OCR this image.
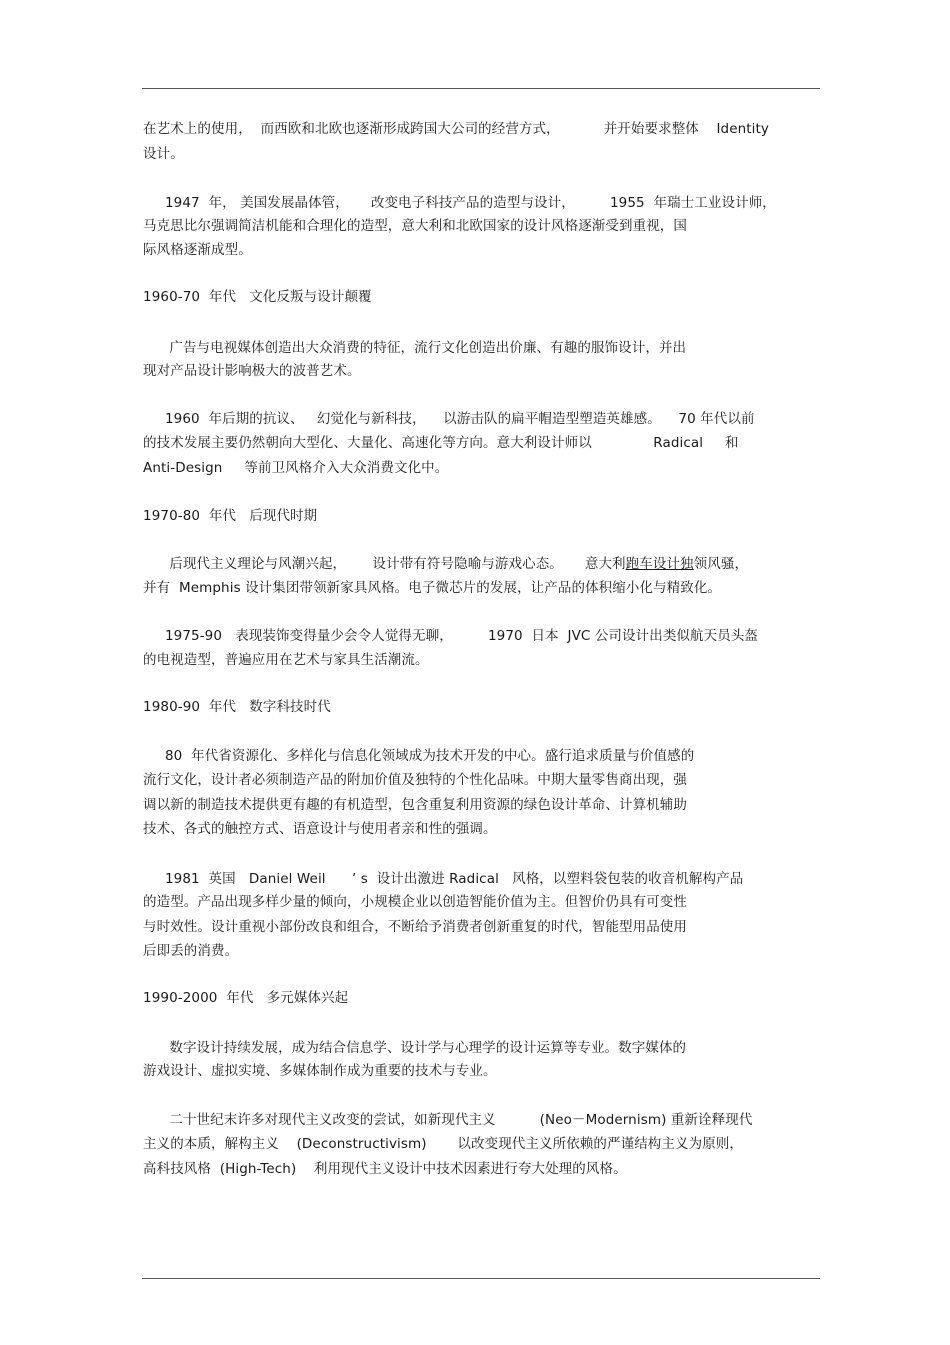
在艺术上的使用，  而西欧和北欧也逐渐形成跨国大公司的经营方式，          并开始要求整体    Identity
设计。
1947  年， 美国发展晶体管，     改变电子科技产品的造型与设计，        1955  年瑞士工业设计师，
马克思比尔强调简洁机能和合理化的造型，意大利和北欧国家的设计风格逐渐受到重视，国
际风格逐渐成型。
1960-70  年代   文化反叛与设计颠覆
广告与电视媒体创造出大众消费的特征，流行文化创造出价廉、有趣的服饰设计，并出
现对产品设计影响极大的波普艺术。
1960  年后期的抗议、   幻觉化与新科技，    以游击队的扁平帽造型塑造英雄感。    70 年代以前
的技术发展主要仍然朝向大型化、大量化、高速化等方向。意大利设计师以              Radical     和
Anti-Design     等前卫风格介入大众消费文化中。
1970-80  年代   后现代时期
后现代主义理论与风潮兴起，      设计带有符号隐喻与游戏心态。     意大利跑车设计独领风骚，
并有  Memphis 设计集团带领新家具风格。电子微芯片的发展，让产品的体积缩小化与精致化。
1975-90   表现装饰变得量少会令人觉得无聊，        1970  日本  JVC 公司设计出类似航天员头盔
的电视造型，普遍应用在艺术与家具生活潮流。
1980-90  年代   数字科技时代
80  年代省资源化、多样化与信息化领域成为技术开发的中心。盛行追求质量与价值感的
流行文化，设计者必须制造产品的附加价值及独特的个性化品味。中期大量零售商出现，强
调以新的制造技术提供更有趣的有机造型，包含重复利用资源的绿色设计革命、计算机辅助
技术、各式的触控方式、语意设计与使用者亲和性的强调。
1981  英国   Daniel Weil      ’ s  设计出激进 Radical   风格，以塑料袋包装的收音机解构产品
的造型。产品出现多样少量的倾向，小规模企业以创造智能价值为主。但智价仍具有可变性
与时效性。设计重视小部份改良和组合，不断给予消费者创新重复的时代，智能型用品使用
后即丢的消费。
1990-2000  年代   多元媒体兴起
数字设计持续发展，成为结合信息学、设计学与心理学的设计运算等专业。数字媒体的
游戏设计、虚拟实境、多媒体制作成为重要的技术与专业。
二十世纪末许多对现代主义改变的尝试，如新现代主义          (Neo－Modernism) 重新诠释现代
主义的本质，解构主义    (Deconstructivism)       以改变现代主义所依赖的严谨结构主义为原则，
高科技风格  (High-Tech)    利用现代主义设计中技术因素进行夸大处理的风格。
